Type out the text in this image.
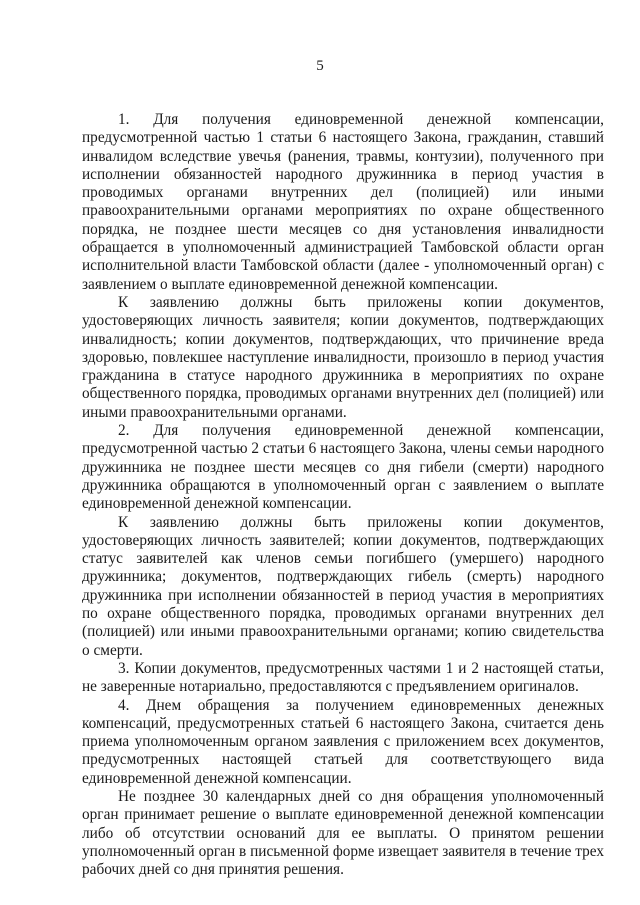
5

1. Для получения единовременной денежной компенсации, предусмотренной частью 1 статьи 6 настоящего Закона, гражданин, ставший инвалидом вследствие увечья (ранения, травмы, контузии), полученного при исполнении обязанностей народного дружинника в период участия в проводимых органами внутренних дел (полицией) или иными правоохранительными органами мероприятиях по охране общественного порядка, не позднее шести месяцев со дня установления инвалидности обращается в уполномоченный администрацией Тамбовской области орган исполнительной власти Тамбовской области (далее - уполномоченный орган) с заявлением о выплате единовременной денежной компенсации.

К заявлению должны быть приложены копии документов, удостоверяющих личность заявителя; копии документов, подтверждающих инвалидность; копии документов, подтверждающих, что причинение вреда здоровью, повлекшее наступление инвалидности, произошло в период участия гражданина в статусе народного дружинника в мероприятиях по охране общественного порядка, проводимых органами внутренних дел (полицией) или иными правоохранительными органами.

2. Для получения единовременной денежной компенсации, предусмотренной частью 2 статьи 6 настоящего Закона, члены семьи народного дружинника не позднее шести месяцев со дня гибели (смерти) народного дружинника обращаются в уполномоченный орган с заявлением о выплате единовременной денежной компенсации.

К заявлению должны быть приложены копии документов, удостоверяющих личность заявителей; копии документов, подтверждающих статус заявителей как членов семьи погибшего (умершего) народного дружинника; документов, подтверждающих гибель (смерть) народного дружинника при исполнении обязанностей в период участия в мероприятиях по охране общественного порядка, проводимых органами внутренних дел (полицией) или иными правоохранительными органами; копию свидетельства о смерти.

3. Копии документов, предусмотренных частями 1 и 2 настоящей статьи, не заверенные нотариально, предоставляются с предъявлением оригиналов.

4. Днем обращения за получением единовременных денежных компенсаций, предусмотренных статьей 6 настоящего Закона, считается день приема уполномоченным органом заявления с приложением всех документов, предусмотренных настоящей статьей для соответствующего вида единовременной денежной компенсации.

Не позднее 30 календарных дней со дня обращения уполномоченный орган принимает решение о выплате единовременной денежной компенсации либо об отсутствии оснований для ее выплаты. О принятом решении уполномоченный орган в письменной форме извещает заявителя в течение трех рабочих дней со дня принятия решения.
